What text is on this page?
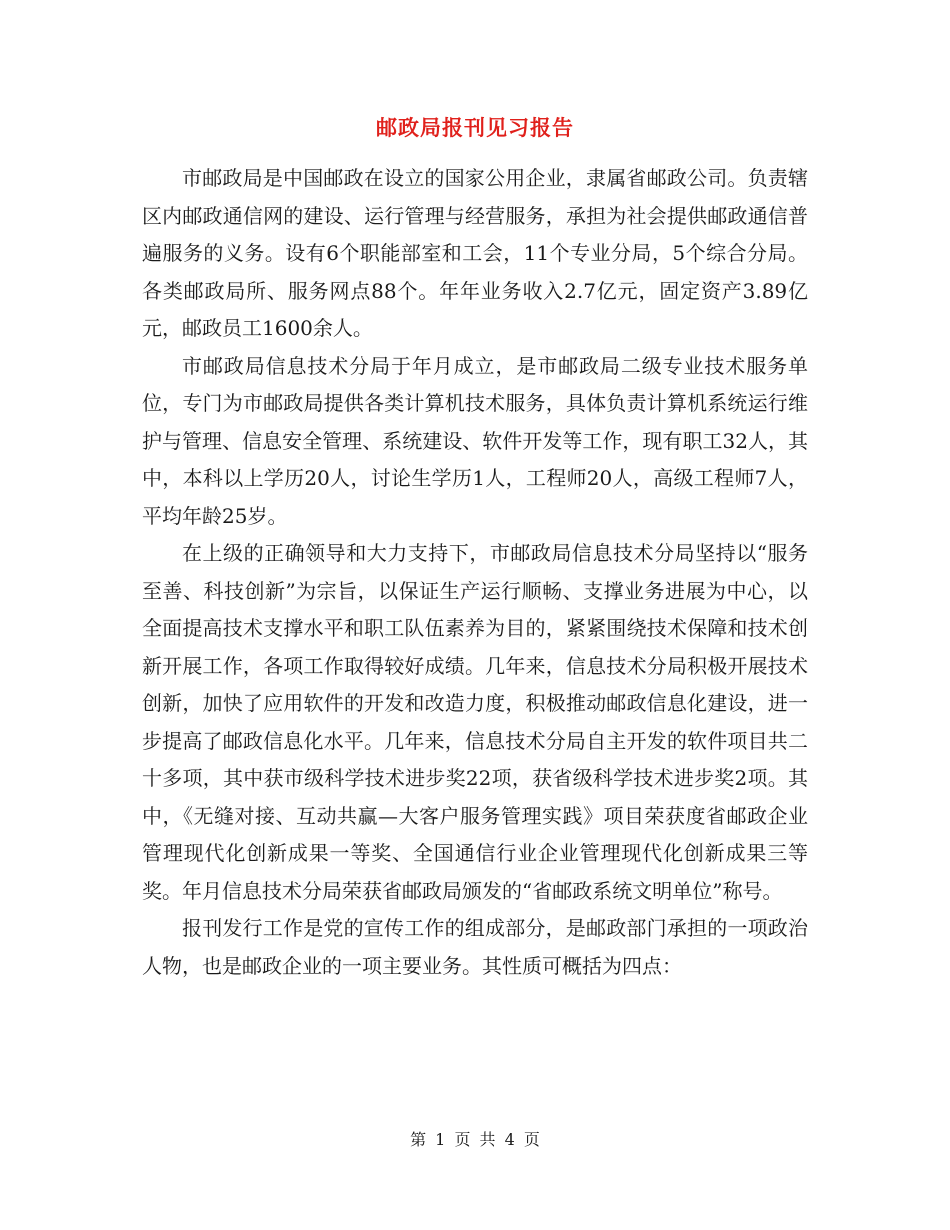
邮政局报刊见习报告

市邮政局是中国邮政在设立的国家公用企业，隶属省邮政公司。负责辖区内邮政通信网的建设、运行管理与经营服务，承担为社会提供邮政通信普遍服务的义务。设有6个职能部室和工会，11个专业分局，5个综合分局。各类邮政局所、服务网点88个。年年业务收入2.7亿元，固定资产3.89亿元，邮政员工1600余人。

市邮政局信息技术分局于年月成立，是市邮政局二级专业技术服务单位，专门为市邮政局提供各类计算机技术服务，具体负责计算机系统运行维护与管理、信息安全管理、系统建设、软件开发等工作，现有职工32人，其中，本科以上学历20人，讨论生学历1人，工程师20人，高级工程师7人，平均年龄25岁。

在上级的正确领导和大力支持下，市邮政局信息技术分局坚持以“服务至善、科技创新”为宗旨，以保证生产运行顺畅、支撑业务进展为中心，以全面提高技术支撑水平和职工队伍素养为目的，紧紧围绕技术保障和技术创新开展工作，各项工作取得较好成绩。几年来，信息技术分局积极开展技术创新，加快了应用软件的开发和改造力度，积极推动邮政信息化建设，进一步提高了邮政信息化水平。几年来，信息技术分局自主开发的软件项目共二十多项，其中获市级科学技术进步奖22项，获省级科学技术进步奖2项。其中，《无缝对接、互动共赢—大客户服务管理实践》项目荣获度省邮政企业管理现代化创新成果一等奖、全国通信行业企业管理现代化创新成果三等奖。年月信息技术分局荣获省邮政局颁发的“省邮政系统文明单位”称号。

报刊发行工作是党的宣传工作的组成部分，是邮政部门承担的一项政治人物，也是邮政企业的一项主要业务。其性质可概括为四点：

第 1 页 共 4 页
